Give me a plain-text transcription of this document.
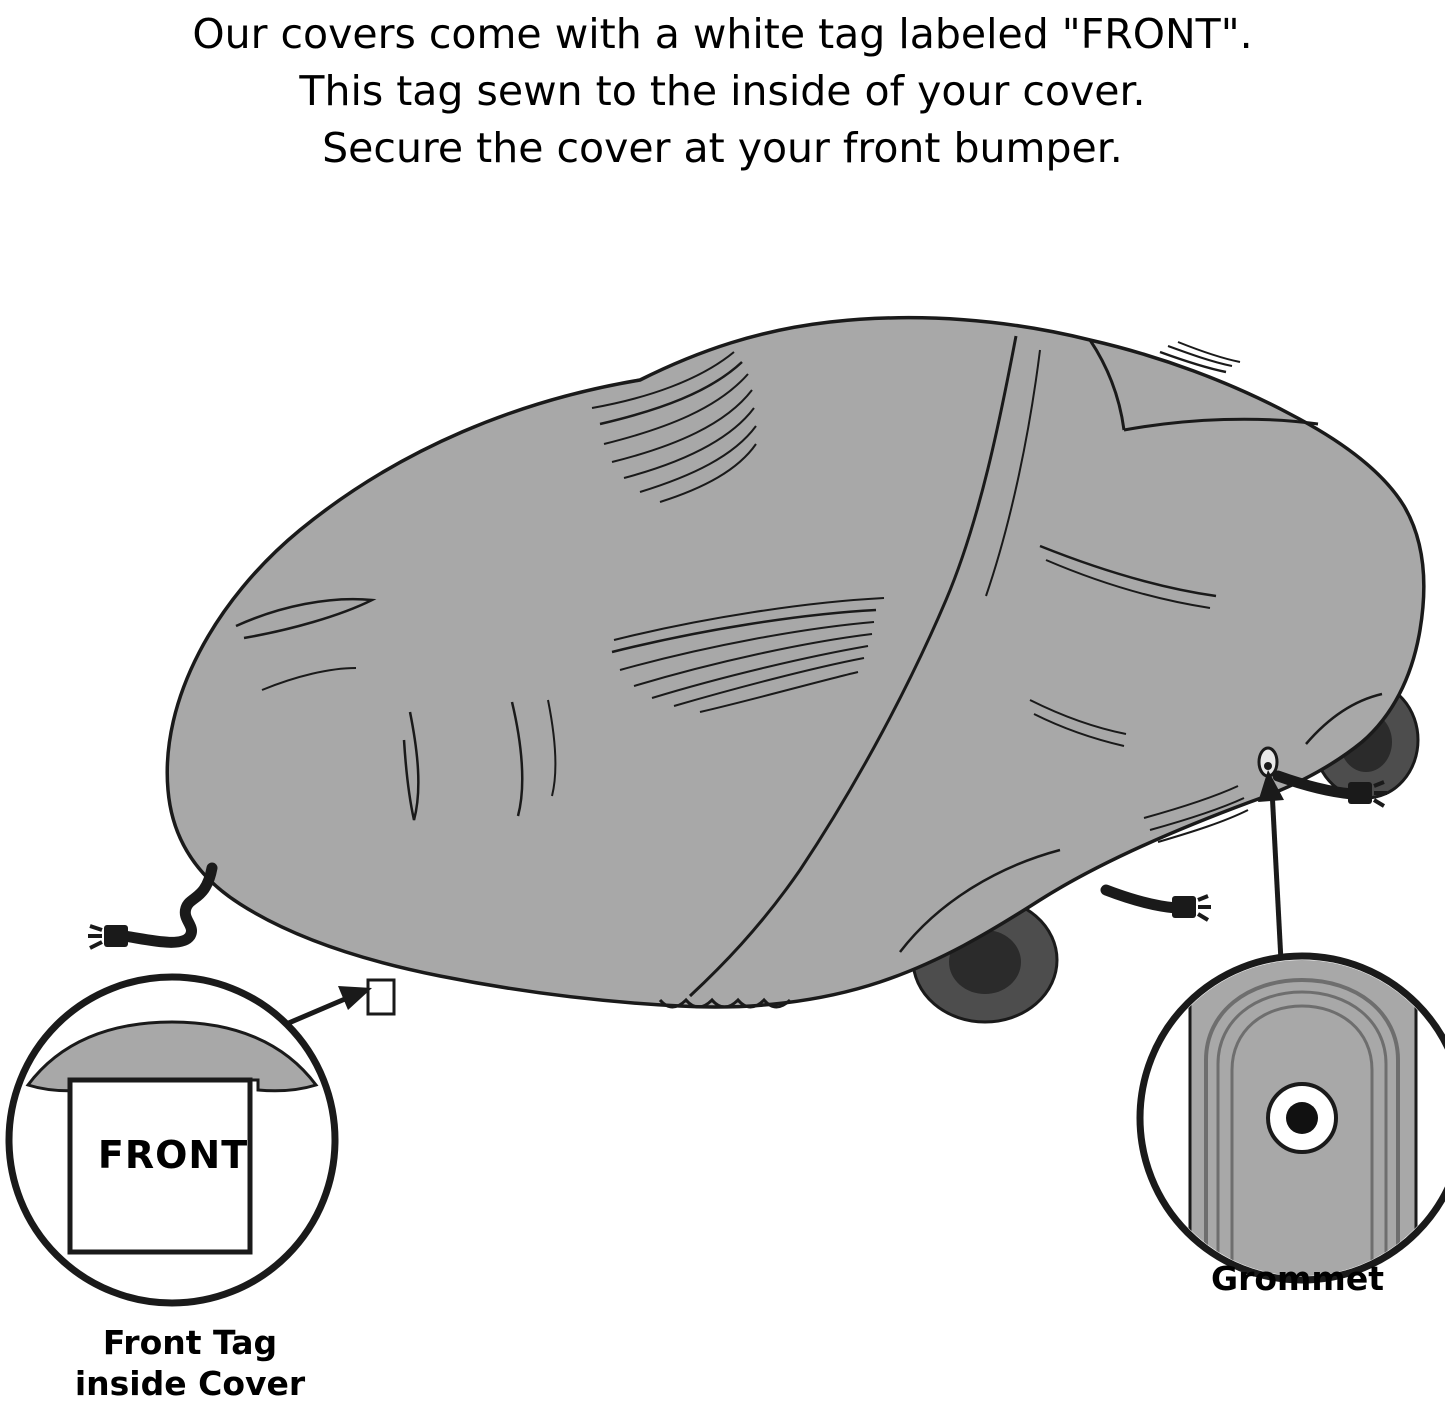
Our covers come with a white tag labeled "FRONT".
This tag sewn to the inside of your cover.
Secure the cover at your front bumper.
FRONT
Front Tag
inside Cover
Grommet
